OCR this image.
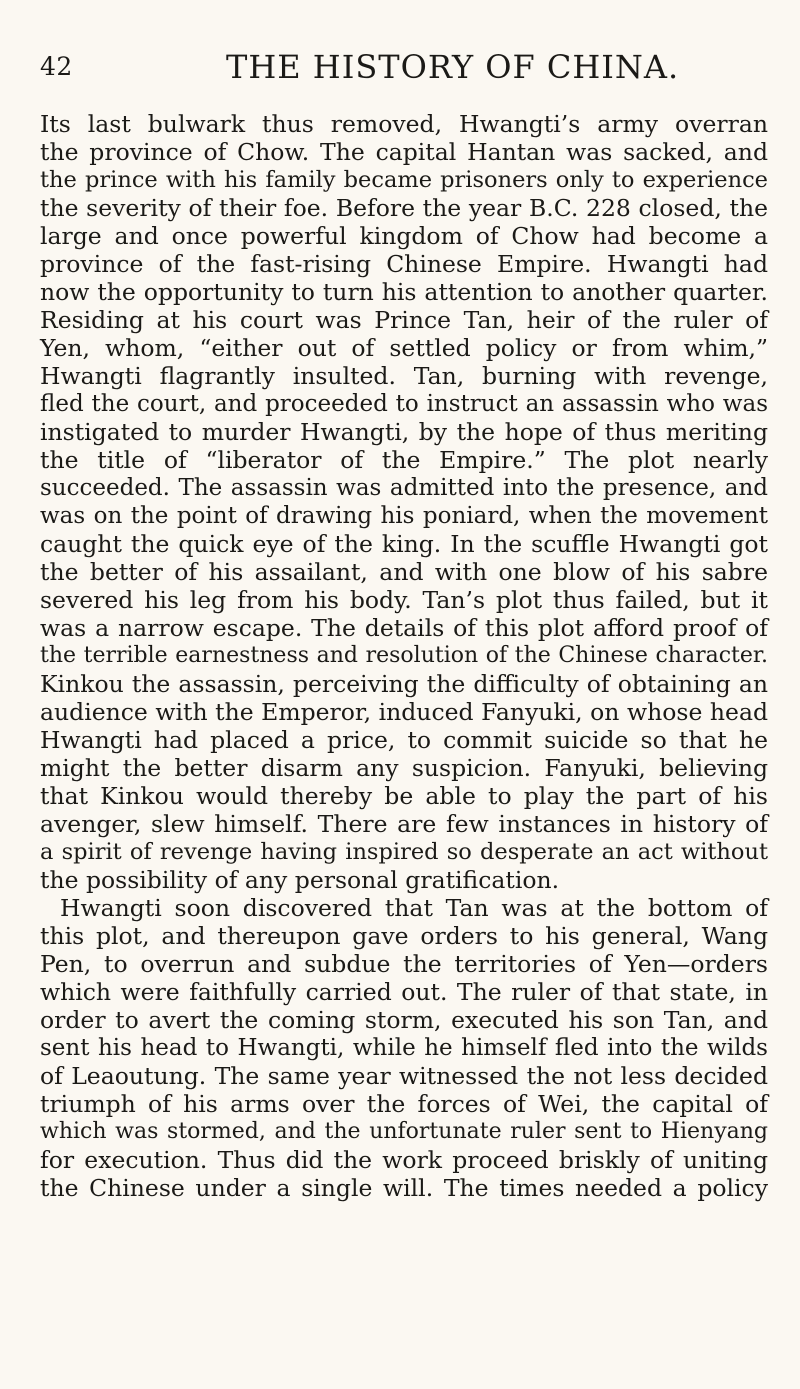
42	THE HISTORY OF CHINA.
Its last bulwark thus removed, Hwangti’s army overran
the province of Chow. The capital Hantan was sacked, and
the prince with his family became prisoners only to experience
the severity of their foe. Before the year B.C. 228 closed, the
large and once powerful kingdom of Chow had become a
province of the fast-rising Chinese Empire. Hwangti had
now the opportunity to turn his attention to another quarter.
Residing at his court was Prince Tan, heir of the ruler of
Yen, whom, “either out of settled policy or from whim,”
Hwangti flagrantly insulted. Tan, burning with revenge,
fled the court, and proceeded to instruct an assassin who was
instigated to murder Hwangti, by the hope of thus meriting
the title of “liberator of the Empire.” The plot nearly
succeeded. The assassin was admitted into the presence, and
was on the point of drawing his poniard, when the movement
caught the quick eye of the king. In the scuffle Hwangti got
the better of his assailant, and with one blow of his sabre
severed his leg from his body. Tan’s plot thus failed, but it
was a narrow escape. The details of this plot afford proof of
the terrible earnestness and resolution of the Chinese character.
Kinkou the assassin, perceiving the difficulty of obtaining an
audience with the Emperor, induced Fanyuki, on whose head
Hwangti had placed a price, to commit suicide so that he
might the better disarm any suspicion. Fanyuki, believing
that Kinkou would thereby be able to play the part of his
avenger, slew himself. There are few instances in history of
a spirit of revenge having inspired so desperate an act without
the possibility of any personal gratification.
Hwangti soon discovered that Tan was at the bottom of
this plot, and thereupon gave orders to his general, Wang
Pen, to overrun and subdue the territories of Yen—orders
which were faithfully carried out. The ruler of that state, in
order to avert the coming storm, executed his son Tan, and
sent his head to Hwangti, while he himself fled into the wilds
of Leaoutung. The same year witnessed the not less decided
triumph of his arms over the forces of Wei, the capital of
which was stormed, and the unfortunate ruler sent to Hienyang
for execution. Thus did the work proceed briskly of uniting
the Chinese under a single will. The times needed a policy
